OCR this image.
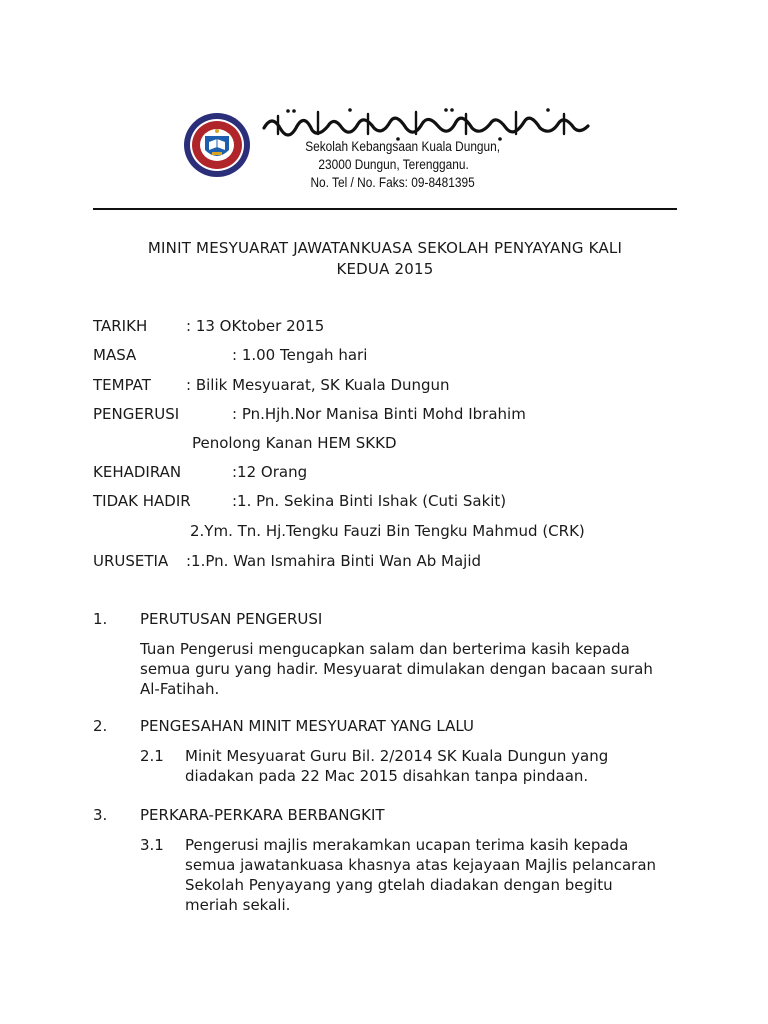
Sekolah Kebangsaan Kuala Dungun,
23000 Dungun, Terengganu.
No. Tel / No. Faks: 09-8481395
MINIT MESYUARAT JAWATANKUASA SEKOLAH PENYAYANG KALI
KEDUA 2015
TARIKH	: 13 OKtober 2015
MASA	: 1.00 Tengah hari
TEMPAT : Bilik Mesyuarat, SK Kuala Dungun
PENGERUSI	: Pn.Hjh.Nor Manisa Binti Mohd Ibrahim
Penolong Kanan HEM SKKD
KEHADIRAN	:12 Orang
TIDAK HADIR	:1. Pn. Sekina Binti Ishak (Cuti Sakit)
2.Ym. Tn. Hj.Tengku Fauzi Bin Tengku Mahmud (CRK)
URUSETIA :1.Pn. Wan Ismahira Binti Wan Ab Majid
1. PERUTUSAN PENGERUSI
Tuan Pengerusi mengucapkan salam dan berterima kasih kepada
semua guru yang hadir. Mesyuarat dimulakan dengan bacaan surah
Al-Fatihah.
2. PENGESAHAN MINIT MESYUARAT YANG LALU
2.1 Minit Mesyuarat Guru Bil. 2/2014 SK Kuala Dungun yang
diadakan pada 22 Mac 2015 disahkan tanpa pindaan.
3. PERKARA-PERKARA BERBANGKIT
3.1 Pengerusi majlis merakamkan ucapan terima kasih kepada
semua jawatankuasa khasnya atas kejayaan Majlis pelancaran
Sekolah Penyayang yang gtelah diadakan dengan begitu
meriah sekali.
